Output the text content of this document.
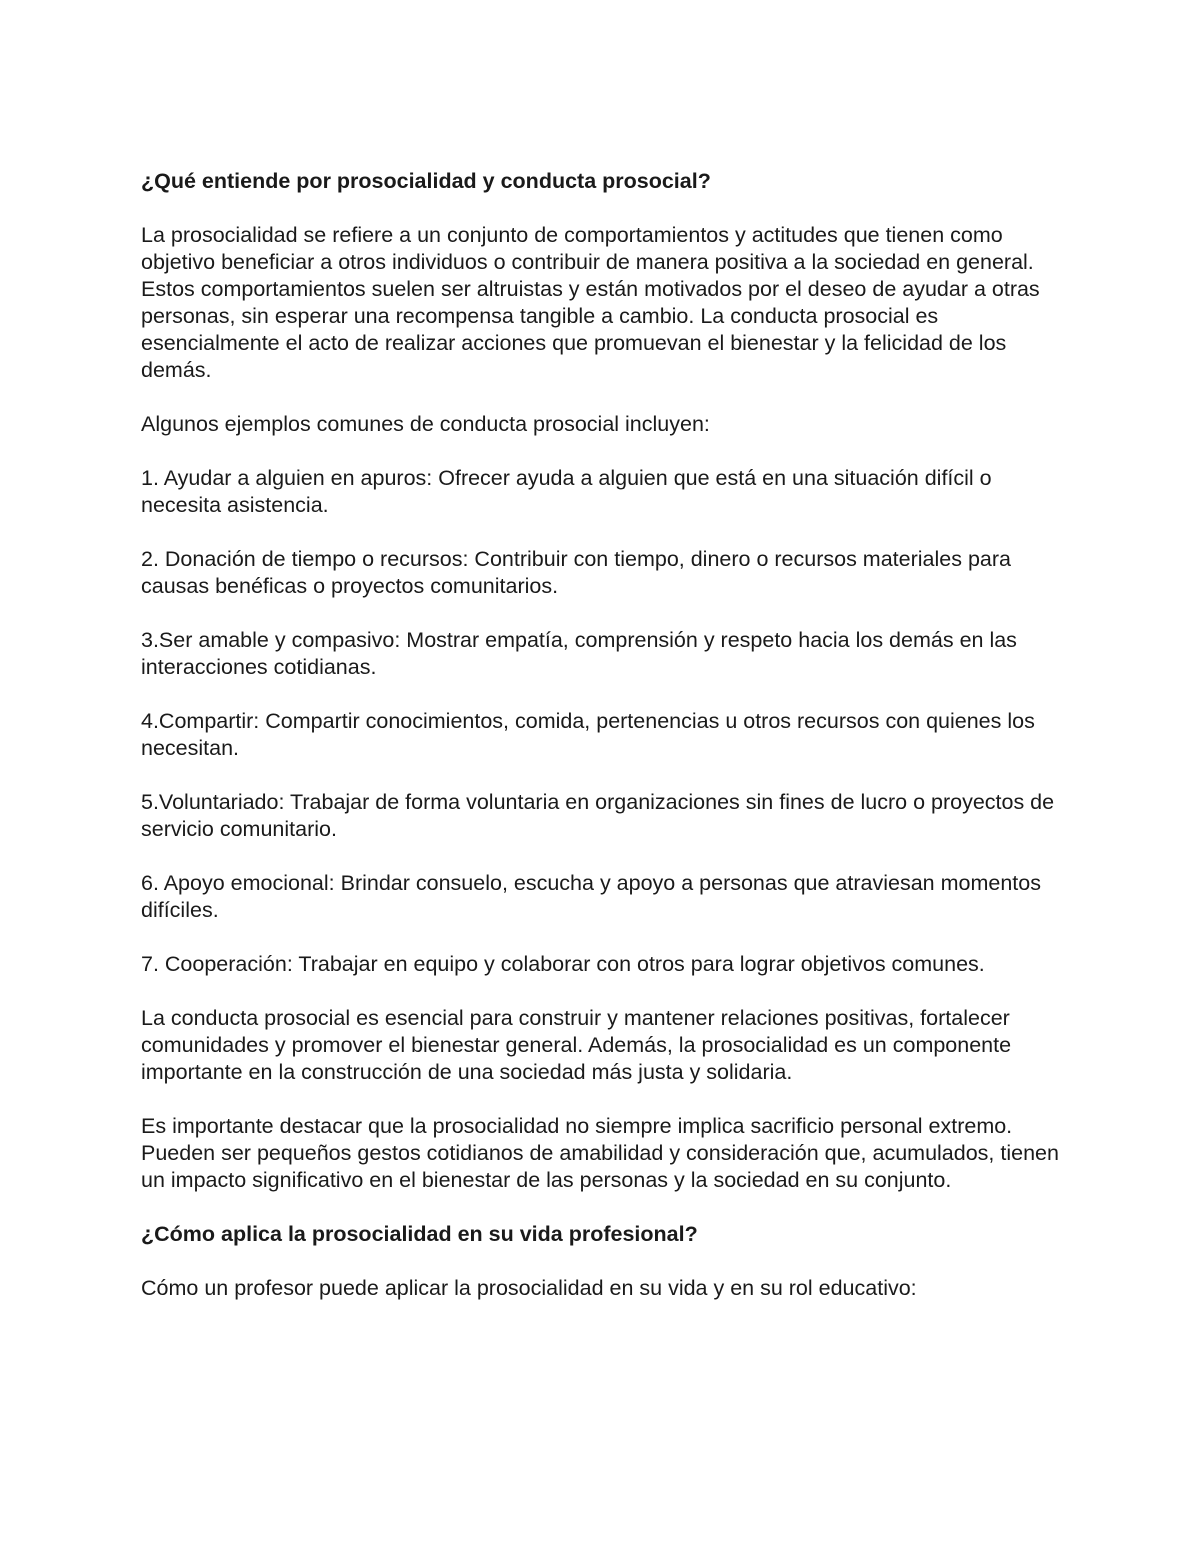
¿Qué entiende por prosocialidad y conducta prosocial?

La prosocialidad se refiere a un conjunto de comportamientos y actitudes que tienen como objetivo beneficiar a otros individuos o contribuir de manera positiva a la sociedad en general. Estos comportamientos suelen ser altruistas y están motivados por el deseo de ayudar a otras personas, sin esperar una recompensa tangible a cambio. La conducta prosocial es esencialmente el acto de realizar acciones que promuevan el bienestar y la felicidad de los demás.

Algunos ejemplos comunes de conducta prosocial incluyen:

1. Ayudar a alguien en apuros: Ofrecer ayuda a alguien que está en una situación difícil o necesita asistencia.

2. Donación de tiempo o recursos: Contribuir con tiempo, dinero o recursos materiales para causas benéficas o proyectos comunitarios.

3.Ser amable y compasivo: Mostrar empatía, comprensión y respeto hacia los demás en las interacciones cotidianas.

4.Compartir: Compartir conocimientos, comida, pertenencias u otros recursos con quienes los necesitan.

5.Voluntariado: Trabajar de forma voluntaria en organizaciones sin fines de lucro o proyectos de servicio comunitario.

6. Apoyo emocional: Brindar consuelo, escucha y apoyo a personas que atraviesan momentos difíciles.

7. Cooperación: Trabajar en equipo y colaborar con otros para lograr objetivos comunes.

La conducta prosocial es esencial para construir y mantener relaciones positivas, fortalecer comunidades y promover el bienestar general. Además, la prosocialidad es un componente importante en la construcción de una sociedad más justa y solidaria.

Es importante destacar que la prosocialidad no siempre implica sacrificio personal extremo. Pueden ser pequeños gestos cotidianos de amabilidad y consideración que, acumulados, tienen un impacto significativo en el bienestar de las personas y la sociedad en su conjunto.

¿Cómo aplica la prosocialidad en su vida profesional?

Cómo un profesor puede aplicar la prosocialidad en su vida y en su rol educativo:
